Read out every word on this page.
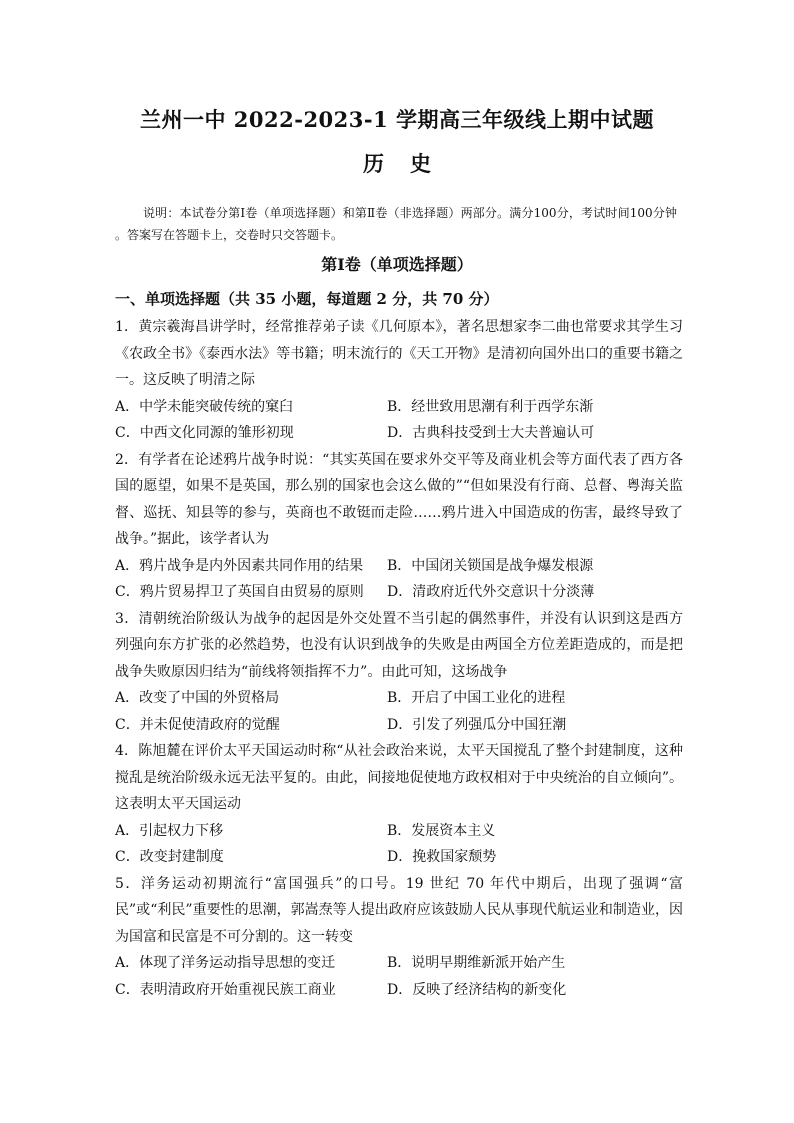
兰州一中 2022-2023-1 学期高三年级线上期中试题
历史
说明：本试卷分第Ⅰ卷（单项选择题）和第Ⅱ卷（非选择题）两部分。满分100分，考试时间100分钟 。答案写在答题卡上，交卷时只交答题卡。
第Ⅰ卷（单项选择题）
一、单项选择题（共 35 小题，每道题 2 分，共 70 分）

1．黄宗羲海昌讲学时，经常推荐弟子读《几何原本》，著名思想家李二曲也常要求其学生习《农政全书》《泰西水法》等书籍；明末流行的《天工开物》是清初向国外出口的重要书籍之一。这反映了明清之际

A．中学未能突破传统的窠臼	B．经世致用思潮有利于西学东渐
C．中西文化同源的雏形初现	D．古典科技受到士大夫普遍认可

2．有学者在论述鸦片战争时说：“其实英国在要求外交平等及商业机会等方面代表了西方各国的愿望，如果不是英国，那么别的国家也会这么做的”“但如果没有行商、总督、粤海关监督、巡抚、知县等的参与，英商也不敢铤而走险……鸦片进入中国造成的伤害，最终导致了战争。”据此，该学者认为

A．鸦片战争是内外因素共同作用的结果	B．中国闭关锁国是战争爆发根源
C．鸦片贸易捍卫了英国自由贸易的原则	D．清政府近代外交意识十分淡薄

3．清朝统治阶级认为战争的起因是外交处置不当引起的偶然事件，并没有认识到这是西方列强向东方扩张的必然趋势，也没有认识到战争的失败是由两国全方位差距造成的，而是把战争失败原因归结为“前线将领指挥不力”。由此可知，这场战争

A．改变了中国的外贸格局	B．开启了中国工业化的进程
C．并未促使清政府的觉醒	D．引发了列强瓜分中国狂潮

4．陈旭麓在评价太平天国运动时称“从社会政治来说，太平天国搅乱了整个封建制度，这种搅乱是统治阶级永远无法平复的。由此，间接地促使地方政权相对于中央统治的自立倾向”。这表明太平天国运动

A．引起权力下移	B．发展资本主义
C．改变封建制度	D．挽救国家颓势

5．洋务运动初期流行“富国强兵”的口号。19 世纪 70 年代中期后，出现了强调“富民”或“利民”重要性的思潮，郭嵩焘等人提出政府应该鼓励人民从事现代航运业和制造业，因为国富和民富是不可分割的。这一转变

A．体现了洋务运动指导思想的变迁	B．说明早期维新派开始产生
C．表明清政府开始重视民族工商业	D．反映了经济结构的新变化
